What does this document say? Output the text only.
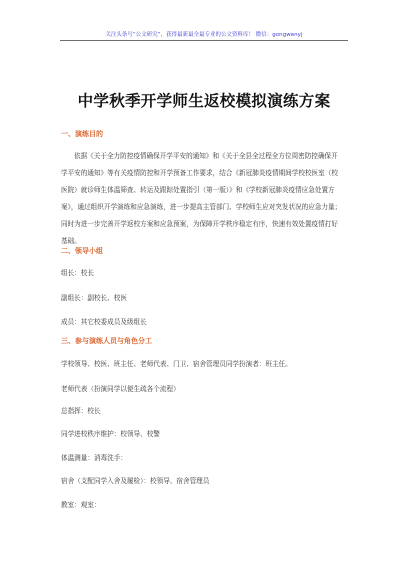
关注头条号“公文研究”，获得最新最全最专业的公文资料库！ 微信：gongwenyj
中学秋季开学师生返校模拟演练方案
一、演练目的
依据《关于全力防控疫情确保开学平安的通知》和《关于全县全过程全方位周密防控确保开
学平安的通知》等有关疫情防控和开学预备工作要求，结合《新冠肺炎疫情期间学校校医室（校
医院）就诊师生体温筛查、转运及跟踪处置指引（第一版）》和《学校新冠肺炎疫情应急处置方
案》，通过组织开学演练和应急演练，进一步提高主管部门、学校师生应对突发状况的应急力量；
同时为进一步完善开学返校方案和应急预案，为保障开学秩序稳定有序，快速有效处置疫情打好
基础。
二、领导小组
组长：校长
副组长：副校长、校医
成员：其它校委成员及级组长
三、参与演练人员与角色分工
学校领导、校医、班主任、老师代表、门卫、宿舍管理员同学扮演者：班主任。
老师代表（扮演同学以便生疏各个流程）
总指挥：校长
同学进校秩序维护：校领导、校警
体温测量：消毒洗手：
宿舍（支配同学入舍及履检）：校领导、宿舍管理员
教室：观室：
